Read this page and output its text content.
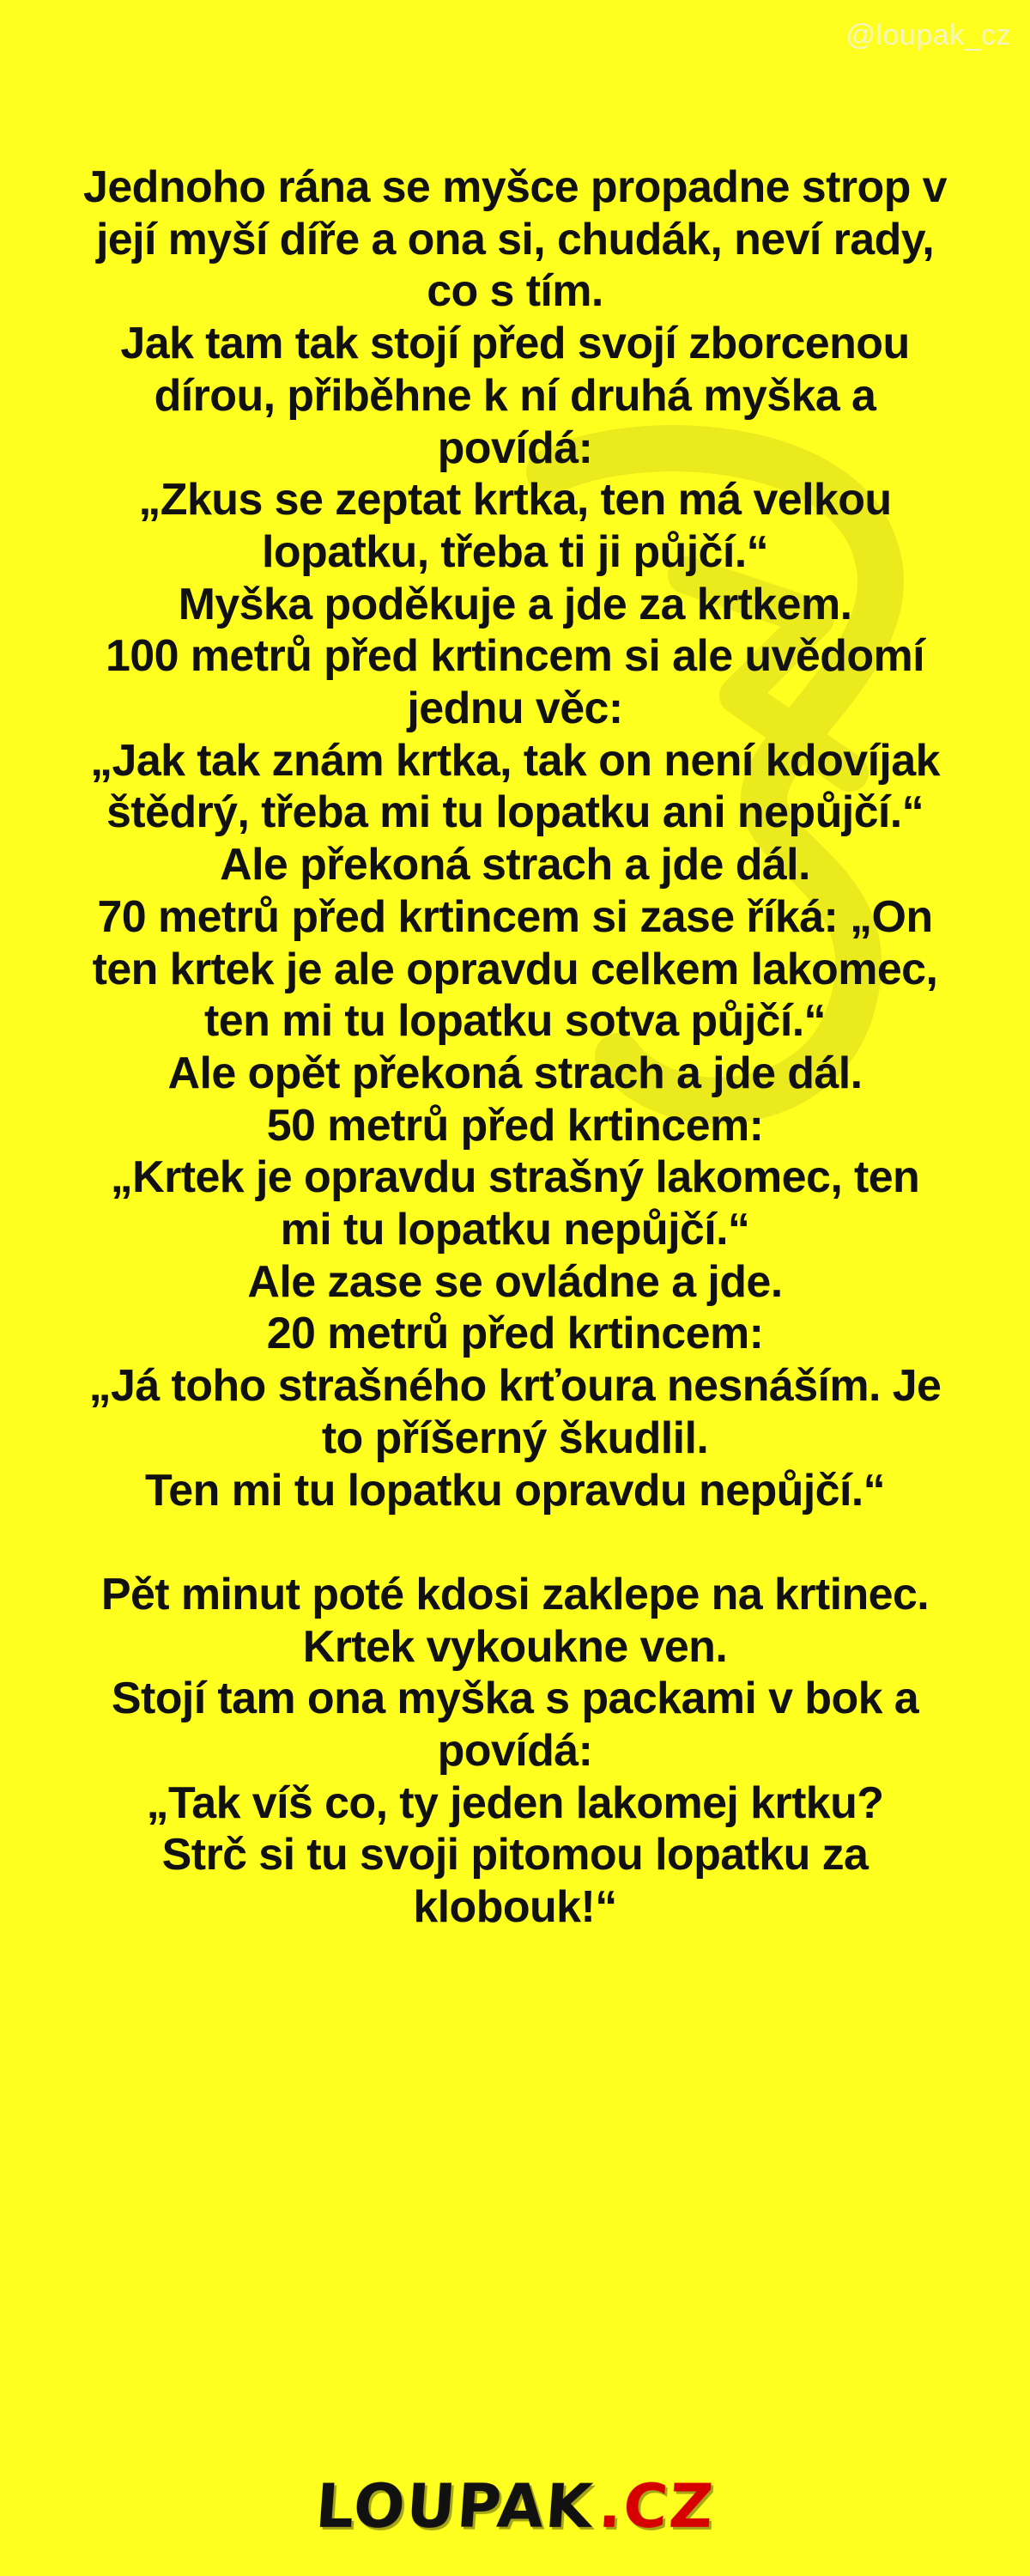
@loupak_cz
Jednoho rána se myšce propadne strop v
její myší díře a ona si, chudák, neví rady,
co s tím.
Jak tam tak stojí před svojí zborcenou
dírou, přiběhne k ní druhá myška a
povídá:
„Zkus se zeptat krtka, ten má velkou
lopatku, třeba ti ji půjčí.“
Myška poděkuje a jde za krtkem.
100 metrů před krtincem si ale uvědomí
jednu věc:
„Jak tak znám krtka, tak on není kdovíjak
štědrý, třeba mi tu lopatku ani nepůjčí.“
Ale překoná strach a jde dál.
70 metrů před krtincem si zase říká: „On
ten krtek je ale opravdu celkem lakomec,
ten mi tu lopatku sotva půjčí.“
Ale opět překoná strach a jde dál.
50 metrů před krtincem:
„Krtek je opravdu strašný lakomec, ten
mi tu lopatku nepůjčí.“
Ale zase se ovládne a jde.
20 metrů před krtincem:
„Já toho strašného krťoura nesnáším. Je
to příšerný škudlil.
Ten mi tu lopatku opravdu nepůjčí.“
Pět minut poté kdosi zaklepe na krtinec.
Krtek vykoukne ven.
Stojí tam ona myška s packami v bok a
povídá:
„Tak víš co, ty jeden lakomej krtku?
Strč si tu svoji pitomou lopatku za
klobouk!“
LOUPAK .CZ
